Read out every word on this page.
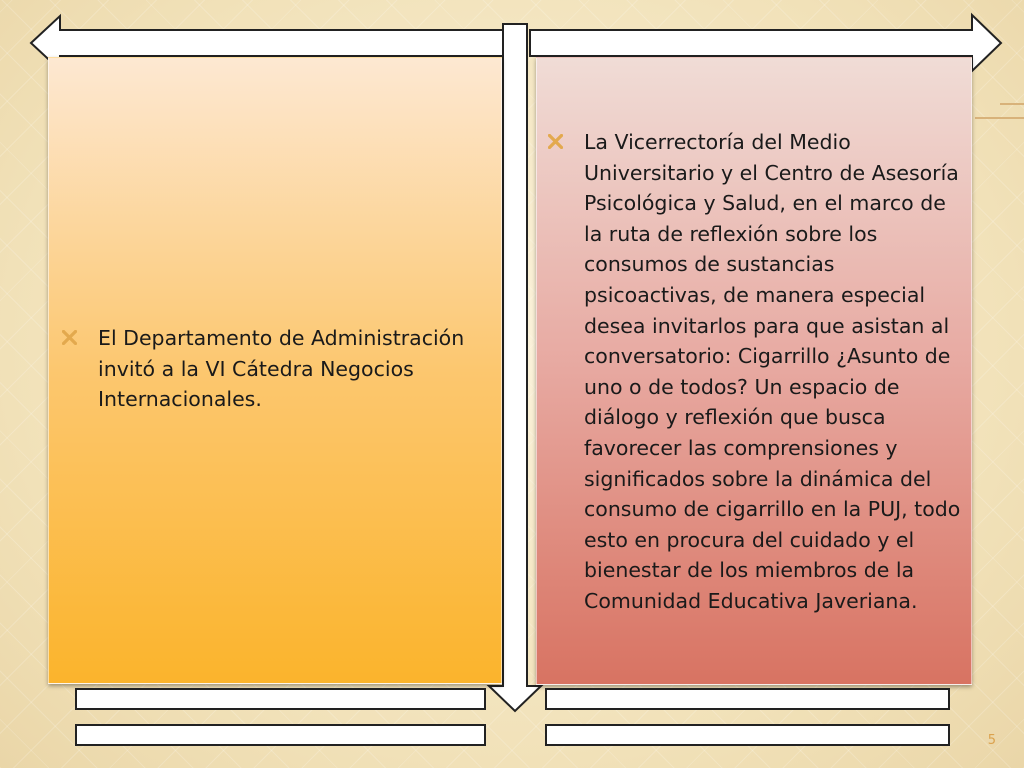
El Departamento de Administración invitó a la VI Cátedra Negocios Internacionales.
La Vicerrectoría del Medio Universitario y el Centro de Asesoría Psicológica y Salud, en el marco de la ruta de reflexión sobre los consumos de sustancias psicoactivas, de manera especial desea invitarlos para que asistan al conversatorio: Cigarrillo ¿Asunto de uno o de todos? Un espacio de diálogo y reflexión que busca favorecer las comprensiones y significados sobre la dinámica del consumo de cigarrillo en la PUJ, todo esto en procura del cuidado y el bienestar de los miembros de la Comunidad Educativa Javeriana.
5
